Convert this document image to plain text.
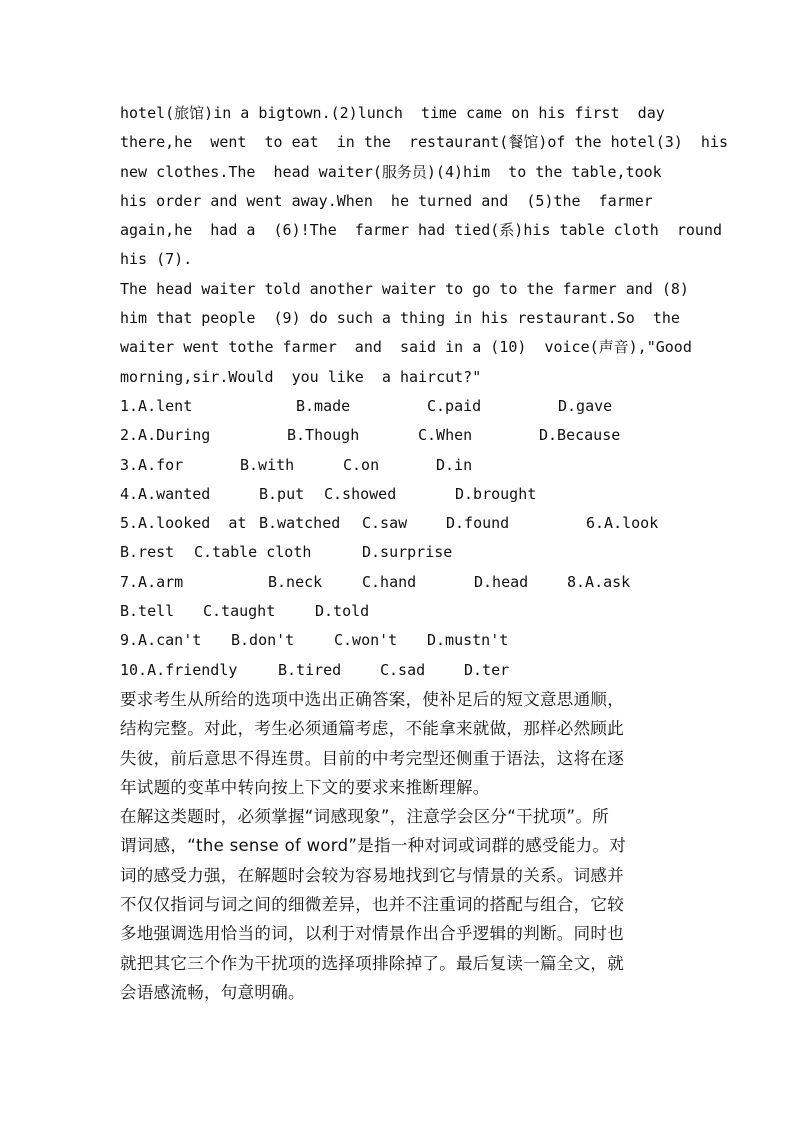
hotel(旅馆)in a bigtown.(2)lunch  time came on his first  day
there,he  went  to eat  in the  restaurant(餐馆)of the hotel(3)  his
new clothes.The  head waiter(服务员)(4)him  to the table,took
his order and went away.When  he turned and  (5)the  farmer
again,he  had a  (6)!The  farmer had tied(系)his table cloth  round
his (7).
The head waiter told another waiter to go to the farmer and (8)
him that people  (9) do such a thing in his restaurant.So  the
waiter went tothe farmer  and  said in a (10)  voice(声音),"Good
morning,sir.Would  you like  a haircut?"
1.A.lent	B.made	C.paid	D.gave
2.A.During	B.Though	C.When	D.Because
3.A.for	B.with	C.on	D.in
4.A.wanted	B.put C.showed	D.brought
5.A.looked  at B.watched C.saw	D.found	6.A.look
B.rest C.table cloth	D.surprise
7.A.arm	B.neck	C.hand	D.head	8.A.ask
B.tell C.taught	D.told
9.A.can't B.don't	C.won't D.mustn't
10.A.friendly	B.tired	C.sad	D.ter
要求考生从所给的选项中选出正确答案，使补足后的短文意思通顺，
结构完整。对此，考生必须通篇考虑，不能拿来就做，那样必然顾此
失彼，前后意思不得连贯。目前的中考完型还侧重于语法，这将在逐
年试题的变革中转向按上下文的要求来推断理解。
在解这类题时，必须掌握“词感现象”，注意学会区分“干扰项”。所
谓词感，“the sense of word”是指一种对词或词群的感受能力。对
词的感受力强，在解题时会较为容易地找到它与情景的关系。词感并
不仅仅指词与词之间的细微差异，也并不注重词的搭配与组合，它较
多地强调选用恰当的词，以利于对情景作出合乎逻辑的判断。同时也
就把其它三个作为干扰项的选择项排除掉了。最后复读一篇全文，就
会语感流畅，句意明确。
